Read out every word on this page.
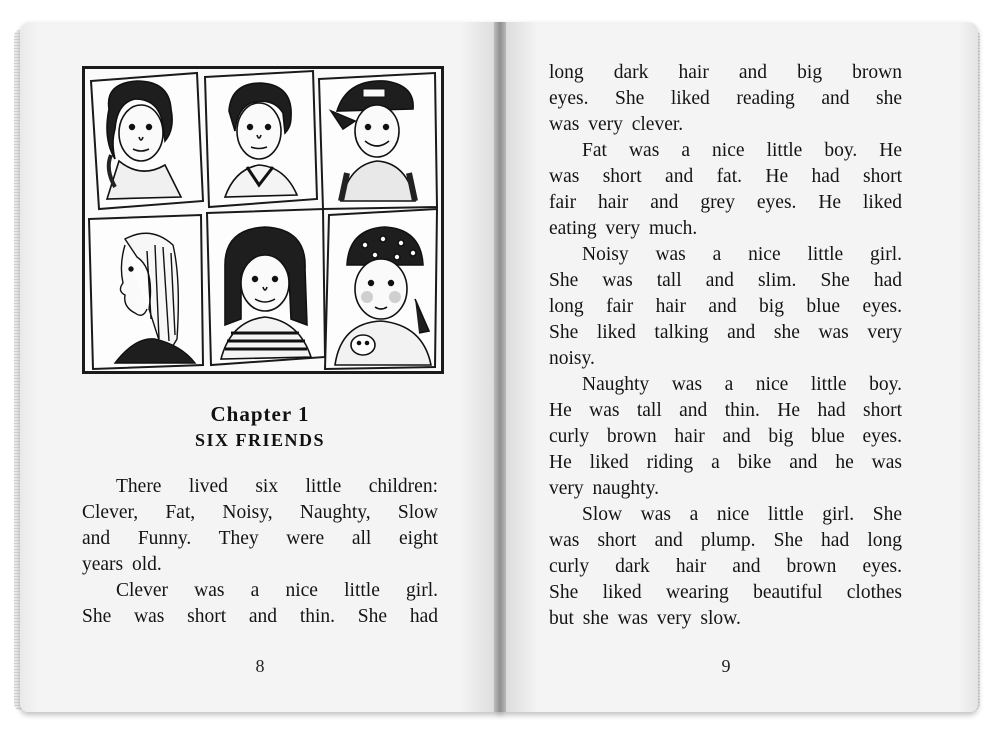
Chapter 1
SIX FRIENDS
There lived six little children:
Clever, Fat, Noisy, Naughty, Slow
and Funny. They were all eight
years old.
Clever was a nice little girl.
She was short and thin. She had
long dark hair and big brown
eyes. She liked reading and she
was very clever.
Fat was a nice little boy. He
was short and fat. He had short
fair hair and grey eyes. He liked
eating very much.
Noisy was a nice little girl.
She was tall and slim. She had
long fair hair and big blue eyes.
She liked talking and she was very
noisy.
Naughty was a nice little boy.
He was tall and thin. He had short
curly brown hair and big blue eyes.
He liked riding a bike and he was
very naughty.
Slow was a nice little girl. She
was short and plump. She had long
curly dark hair and brown eyes.
She liked wearing beautiful clothes
but she was very slow.
8	9
